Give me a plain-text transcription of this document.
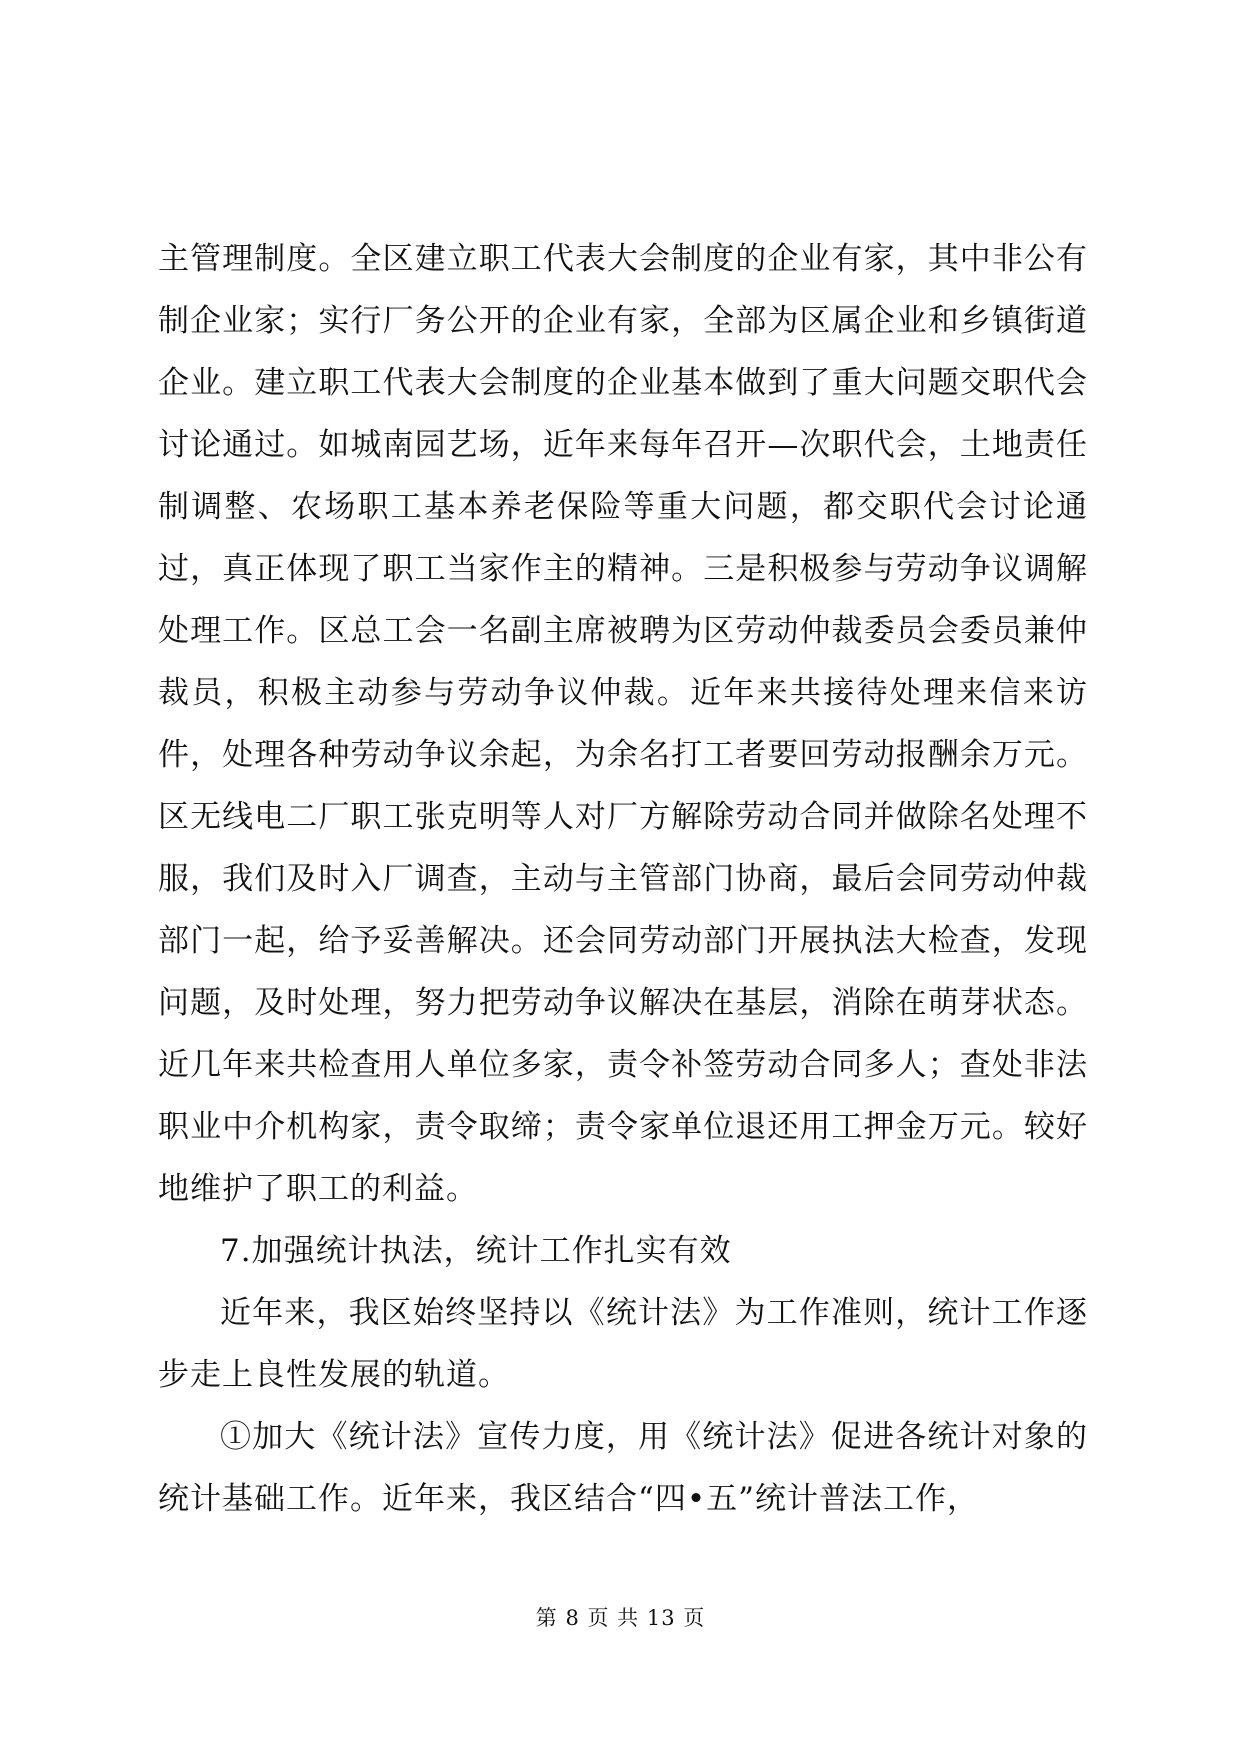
主管理制度。全区建立职工代表大会制度的企业有家，其中非公有制企业家；实行厂务公开的企业有家，全部为区属企业和乡镇街道企业。建立职工代表大会制度的企业基本做到了重大问题交职代会讨论通过。如城南园艺场，近年来每年召开—次职代会，土地责任制调整、农场职工基本养老保险等重大问题，都交职代会讨论通过，真正体现了职工当家作主的精神。三是积极参与劳动争议调解处理工作。区总工会一名副主席被聘为区劳动仲裁委员会委员兼仲裁员，积极主动参与劳动争议仲裁。近年来共接待处理来信来访件，处理各种劳动争议余起，为余名打工者要回劳动报酬余万元。区无线电二厂职工张克明等人对厂方解除劳动合同并做除名处理不服，我们及时入厂调查，主动与主管部门协商，最后会同劳动仲裁部门一起，给予妥善解决。还会同劳动部门开展执法大检查，发现问题，及时处理，努力把劳动争议解决在基层，消除在萌芽状态。近几年来共检查用人单位多家，责令补签劳动合同多人；查处非法职业中介机构家，责令取缔；责令家单位退还用工押金万元。较好地维护了职工的利益。

7.加强统计执法，统计工作扎实有效

近年来，我区始终坚持以《统计法》为工作准则，统计工作逐步走上良性发展的轨道。

①加大《统计法》宣传力度，用《统计法》促进各统计对象的统计基础工作。近年来，我区结合“四•五”统计普法工作，

第 8 页 共 13 页
